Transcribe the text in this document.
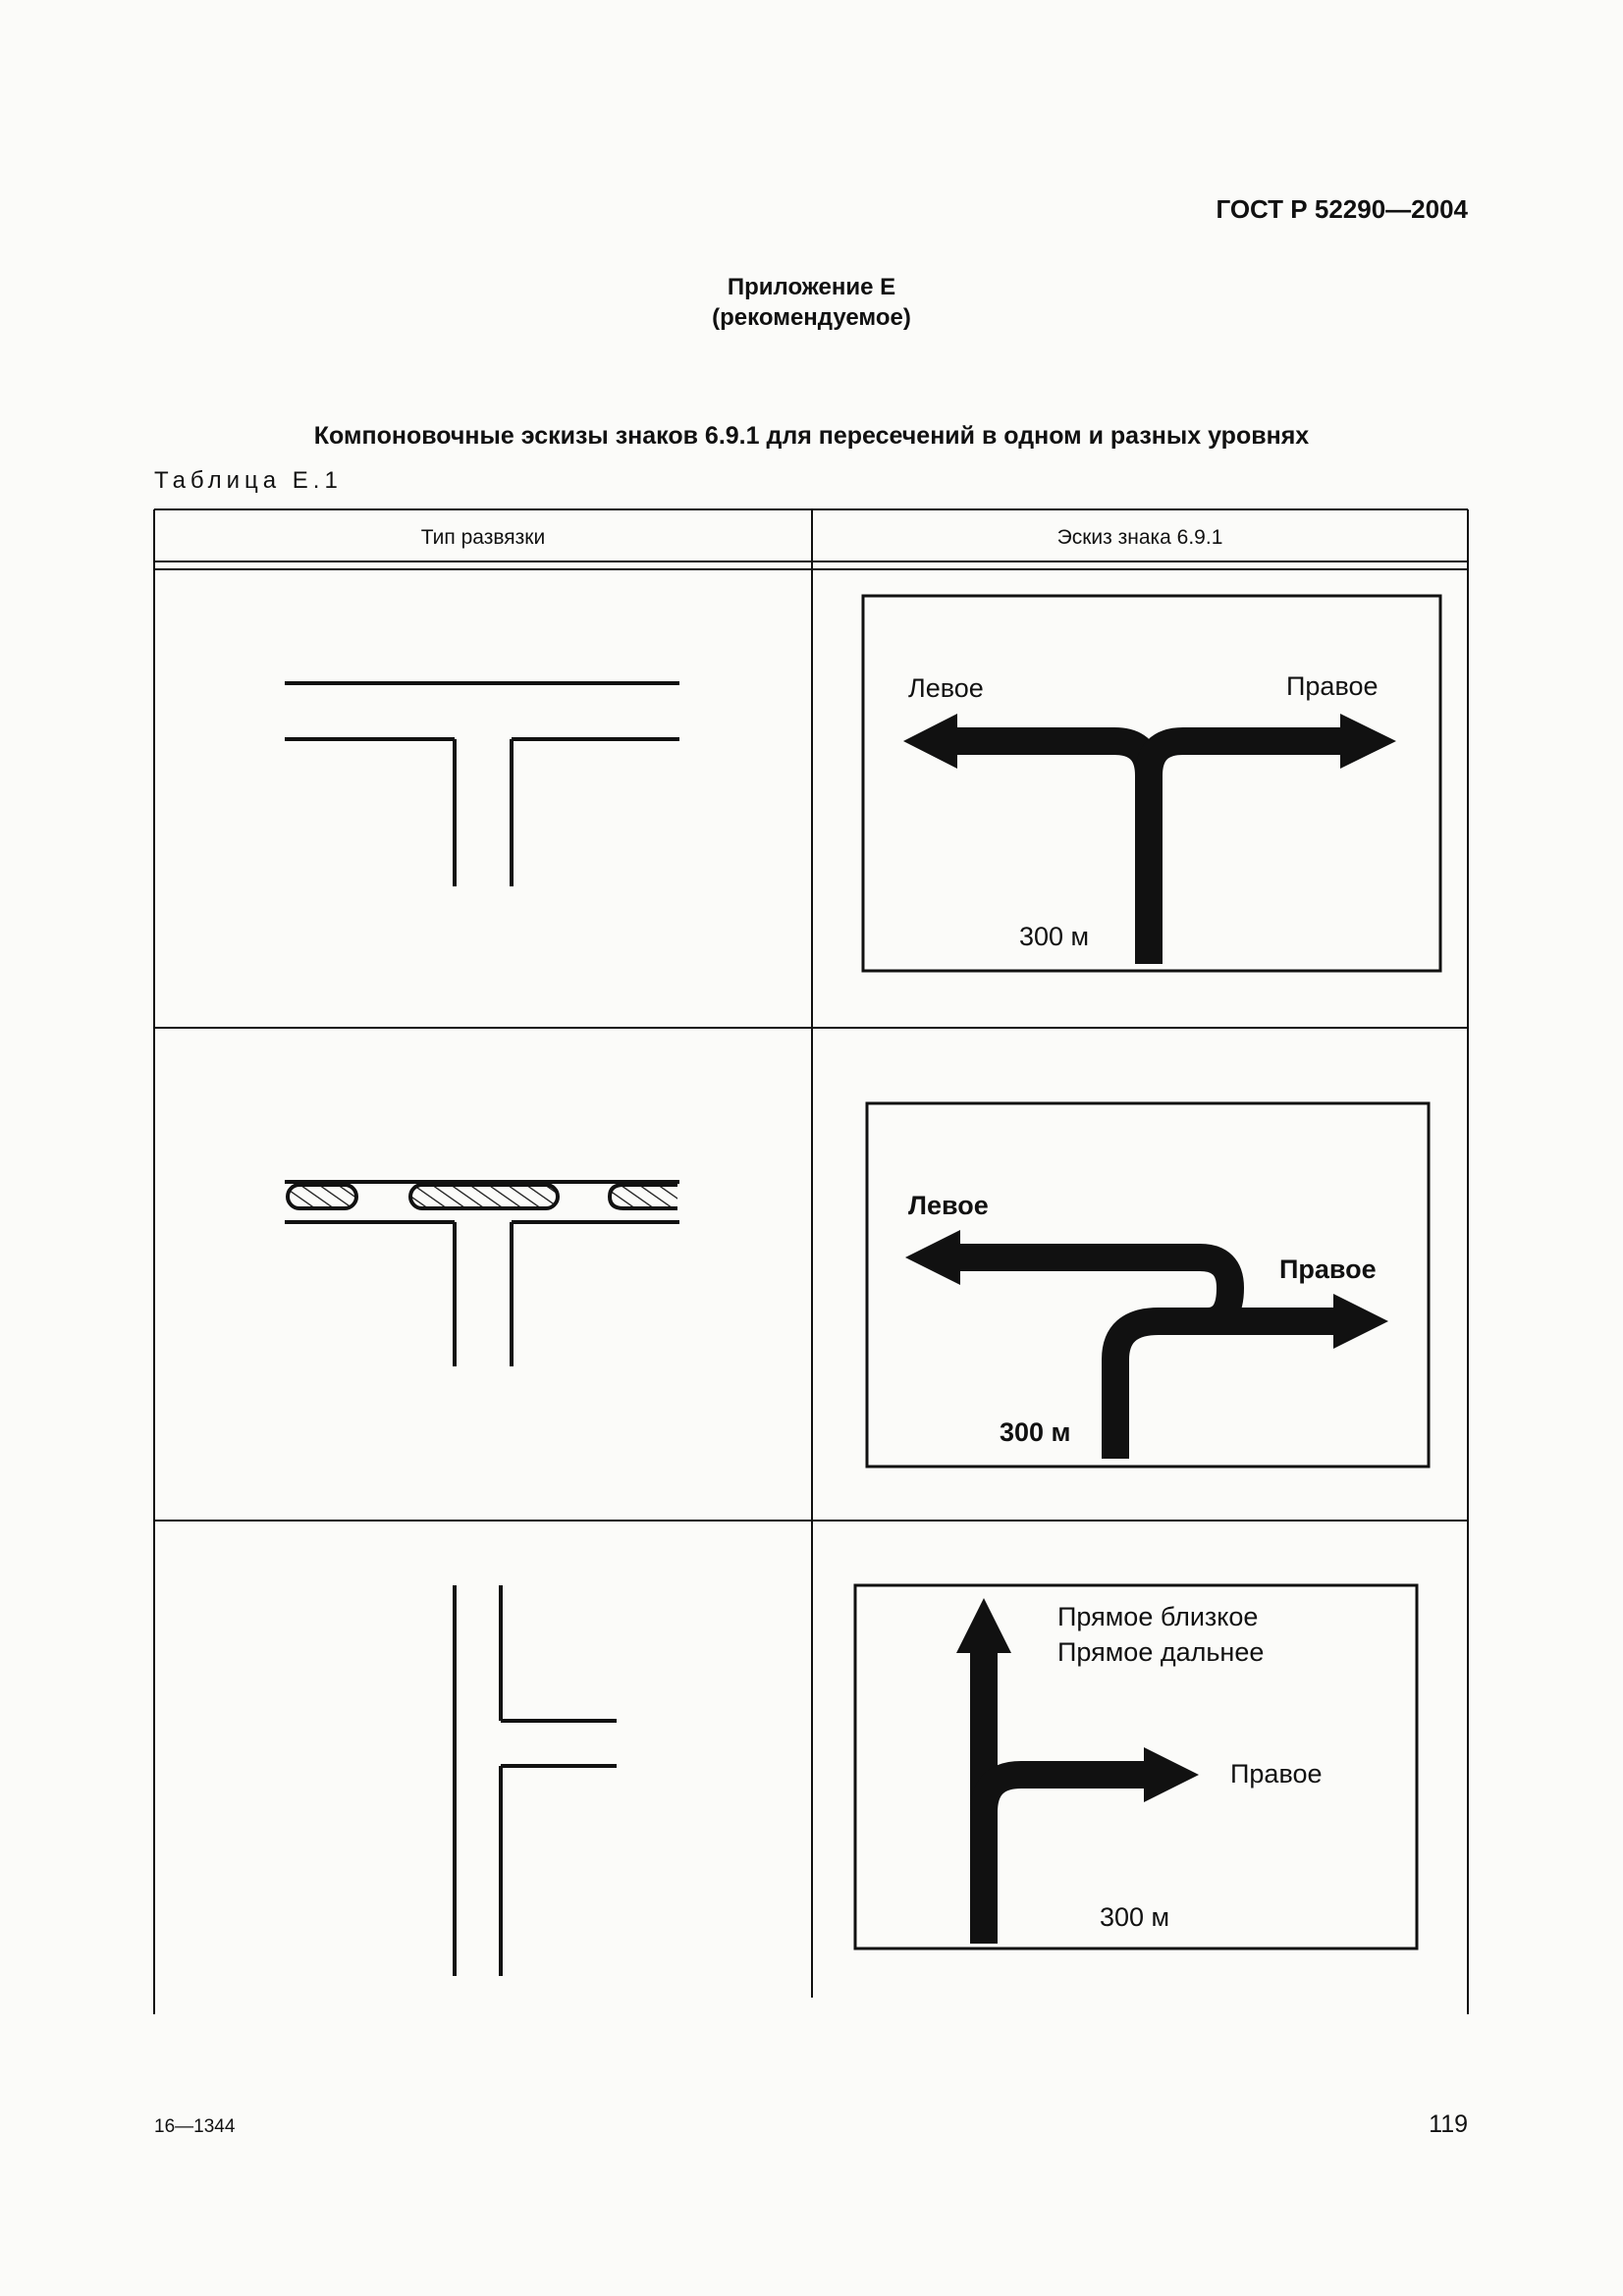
ГОСТ Р 52290—2004
Приложение Е
(рекомендуемое)
Компоновочные эскизы знаков 6.9.1 для пересечений в одном и разных уровнях
Таблица Е.1
Тип развязки	Эскиз знака 6.9.1
Левое	Правое
300 м
Левое
Правое
300 м
Прямое близкое
Прямое дальнее
Правое
300 м
16—1344	119
